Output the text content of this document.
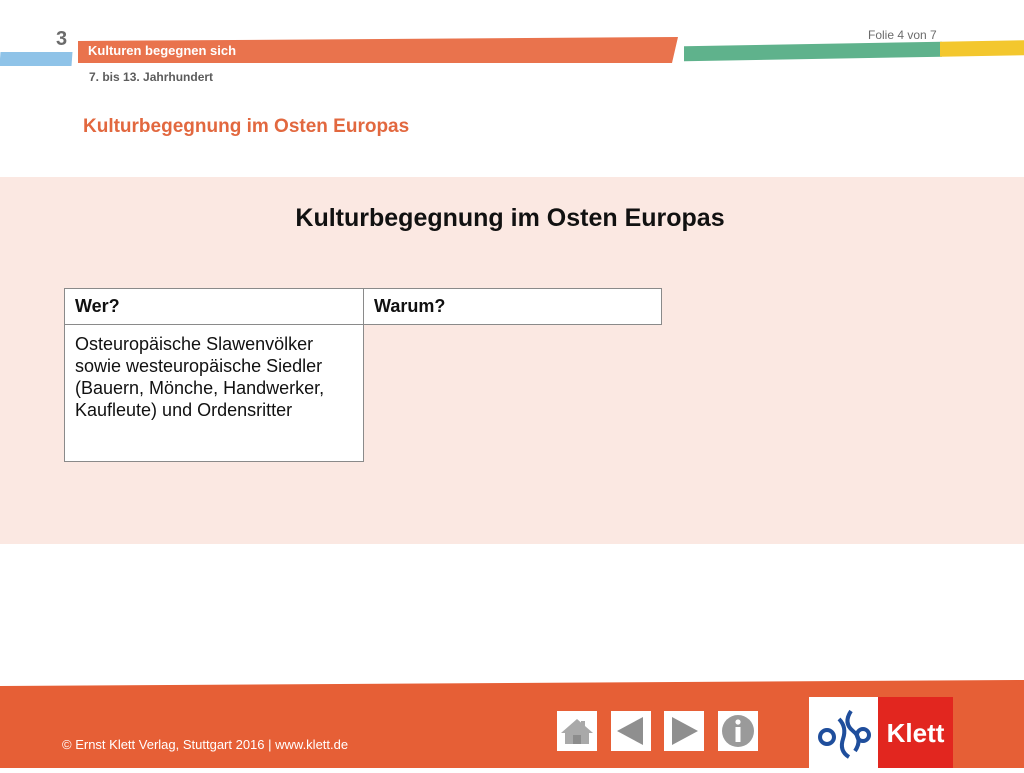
3
Kulturen begegnen sich
Folie 4 von 7
7. bis 13. Jahrhundert
Kulturbegegnung im Osten Europas
Kulturbegegnung im Osten Europas
Wer?	Warum?
Osteuropäische Slawenvölker sowie westeuropäische Siedler (Bauern, Mönche, Handwerker, Kaufleute) und Ordensritter	
© Ernst Klett Verlag, Stuttgart 2016 | www.klett.de	Klett
